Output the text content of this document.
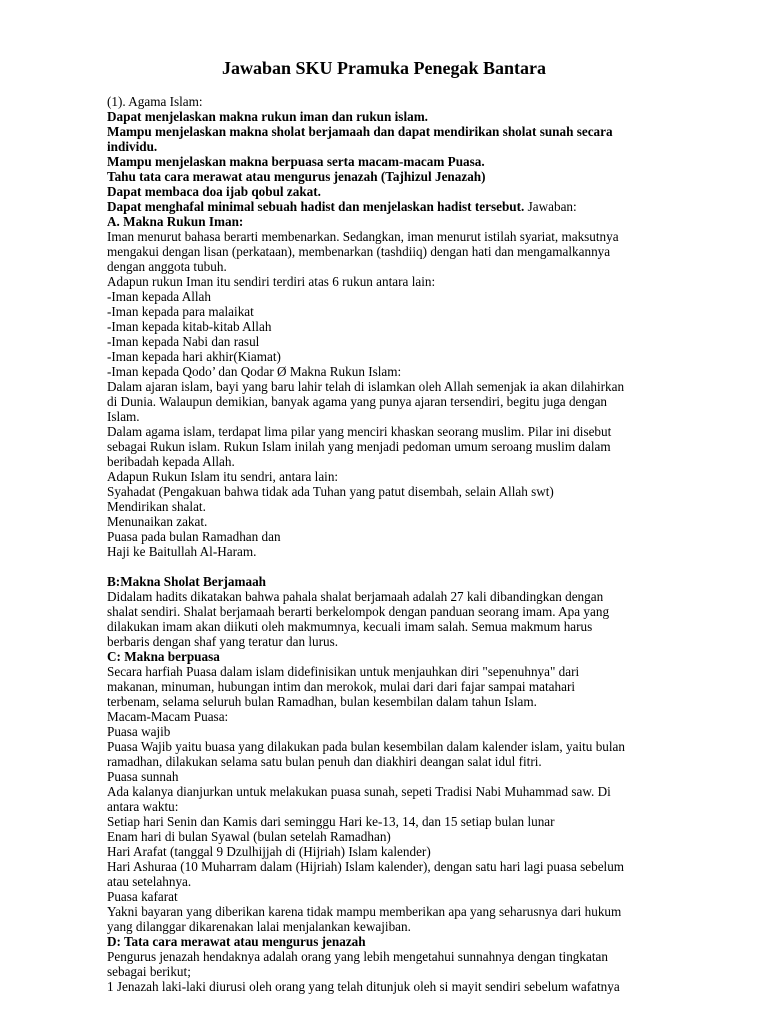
Jawaban SKU Pramuka Penegak Bantara
(1). Agama Islam:
Dapat menjelaskan makna rukun iman dan rukun islam.
Mampu menjelaskan makna sholat berjamaah dan dapat mendirikan sholat sunah secara
individu.
Mampu menjelaskan makna berpuasa serta macam-macam Puasa.
Tahu tata cara merawat atau mengurus jenazah (Tajhizul Jenazah)
Dapat membaca doa ijab qobul zakat.
Dapat menghafal minimal sebuah hadist dan menjelaskan hadist tersebut. Jawaban:
A. Makna Rukun Iman:
Iman menurut bahasa berarti membenarkan. Sedangkan, iman menurut istilah syariat, maksutnya
mengakui dengan lisan (perkataan), membenarkan (tashdiiq) dengan hati dan mengamalkannya
dengan anggota tubuh.
Adapun rukun Iman itu sendiri terdiri atas 6 rukun antara lain:
-Iman kepada Allah
-Iman kepada para malaikat
-Iman kepada kitab-kitab Allah
-Iman kepada Nabi dan rasul
-Iman kepada hari akhir(Kiamat)
-Iman kepada Qodo’ dan Qodar Ø Makna Rukun Islam:
Dalam ajaran islam, bayi yang baru lahir telah di islamkan oleh Allah semenjak ia akan dilahirkan
di Dunia. Walaupun demikian, banyak agama yang punya ajaran tersendiri, begitu juga dengan
Islam.
Dalam agama islam, terdapat lima pilar yang menciri khaskan seorang muslim. Pilar ini disebut
sebagai Rukun islam. Rukun Islam inilah yang menjadi pedoman umum seroang muslim dalam
beribadah kepada Allah.
Adapun Rukun Islam itu sendri, antara lain:
Syahadat (Pengakuan bahwa tidak ada Tuhan yang patut disembah, selain Allah swt)
Mendirikan shalat.
Menunaikan zakat.
Puasa pada bulan Ramadhan dan
Haji ke Baitullah Al-Haram.
B:Makna Sholat Berjamaah
Didalam hadits dikatakan bahwa pahala shalat berjamaah adalah 27 kali dibandingkan dengan
shalat sendiri. Shalat berjamaah berarti berkelompok dengan panduan seorang imam. Apa yang
dilakukan imam akan diikuti oleh makmumnya, kecuali imam salah. Semua makmum harus
berbaris dengan shaf yang teratur dan lurus.
C: Makna berpuasa
Secara harfiah Puasa dalam islam didefinisikan untuk menjauhkan diri "sepenuhnya" dari
makanan, minuman, hubungan intim dan merokok, mulai dari dari fajar sampai matahari
terbenam, selama seluruh bulan Ramadhan, bulan kesembilan dalam tahun Islam.
Macam-Macam Puasa:
Puasa wajib
Puasa Wajib yaitu buasa yang dilakukan pada bulan kesembilan dalam kalender islam, yaitu bulan
ramadhan, dilakukan selama satu bulan penuh dan diakhiri deangan salat idul fitri.
Puasa sunnah
Ada kalanya dianjurkan untuk melakukan puasa sunah, sepeti Tradisi Nabi Muhammad saw. Di
antara waktu:
Setiap hari Senin dan Kamis dari seminggu Hari ke-13, 14, dan 15 setiap bulan lunar
Enam hari di bulan Syawal (bulan setelah Ramadhan)
Hari Arafat (tanggal 9 Dzulhijjah di (Hijriah) Islam kalender)
Hari Ashuraa (10 Muharram dalam (Hijriah) Islam kalender), dengan satu hari lagi puasa sebelum
atau setelahnya.
Puasa kafarat
Yakni bayaran yang diberikan karena tidak mampu memberikan apa yang seharusnya dari hukum
yang dilanggar dikarenakan lalai menjalankan kewajiban.
D: Tata cara merawat atau mengurus jenazah
Pengurus jenazah hendaknya adalah orang yang lebih mengetahui sunnahnya dengan tingkatan
sebagai berikut;
1 Jenazah laki-laki diurusi oleh orang yang telah ditunjuk oleh si mayit sendiri sebelum wafatnya
